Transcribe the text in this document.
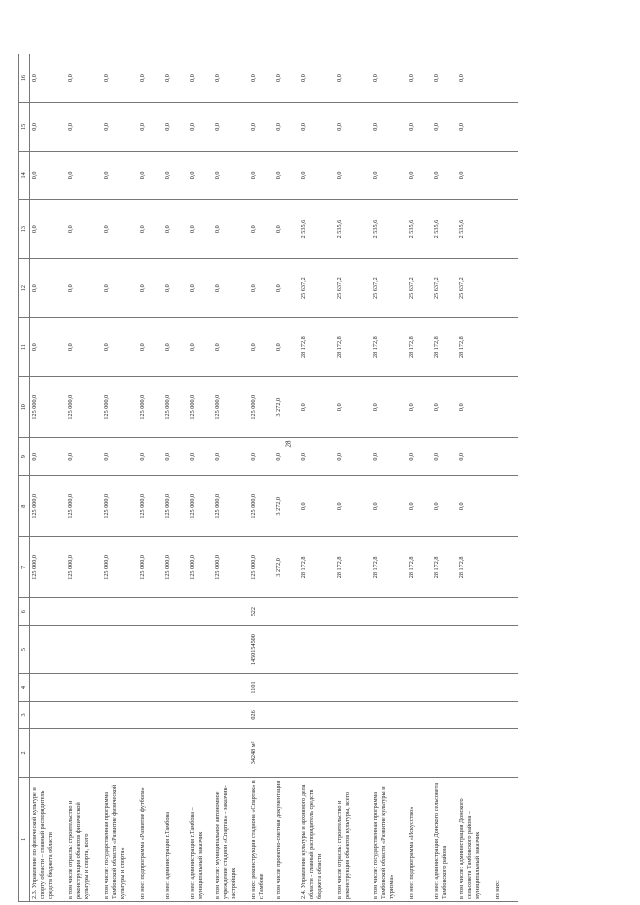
28
1	2	3	4	5	6	7	8	9	10	11	12	13	14	15	16
2.3. Управление по физической культуре и спорту области – главный распорядитель средств бюджета области						125 000,0	125 000,0	0,0	125 000,0	0,0	0,0	0,0	0,0	0,0	0,0
в том числе отрасль: строительство и реконструкция объектов физической культуры и спорта, всего						125 000,0	125 000,0	0,0	125 000,0	0,0	0,0	0,0	0,0	0,0	0,0
в том числе: государственная программа Тамбовской области «Развитие физической культуры и спорта»						125 000,0	125 000,0	0,0	125 000,0	0,0	0,0	0,0	0,0	0,0	0,0
из нее: подпрограмма «Развитие футбола»						125 000,0	125 000,0	0,0	125 000,0	0,0	0,0	0,0	0,0	0,0	0,0
из нее: администрация г.Тамбова						125 000,0	125 000,0	0,0	125 000,0	0,0	0,0	0,0	0,0	0,0	0,0
из нее: администрация г.Тамбова – муниципальный заказчик						125 000,0	125 000,0	0,0	125 000,0	0,0	0,0	0,0	0,0	0,0	0,0
в том числе: муниципальное автономное учреждение стадион «Спартак» - заказчик-застройщик						125 000,0	125 000,0	0,0	125 000,0	0,0	0,0	0,0	0,0	0,0	0,0
из них: реконструкция стадиона «Спартак» в г.Тамбове	34248 м²	026	1101	1450154500	522	125 000,0	125 000,0	0,0	125 000,0	0,0	0,0	0,0	0,0	0,0	0,0
в том числе проектно-сметная документация						3 272,0	3 272,0	0,0	3 272,0	0,0	0,0	0,0	0,0	0,0	0,0
2.4. Управление культуры и архивного дела области - главный распорядитель средств бюджета области						28 172,8	0,0	0,0	0,0	28 172,8	25 637,2	2 535,6	0,0	0,0	0,0
в том числе отрасль: строительство и реконструкция объектов культуры, всего						28 172,8	0,0	0,0	0,0	28 172,8	25 637,2	2 535,6	0,0	0,0	0,0
в том числе: государственная программа Тамбовской области «Развитие культуры и туризма»						28 172,8	0,0	0,0	0,0	28 172,8	25 637,2	2 535,6	0,0	0,0	0,0
из нее: подпрограмма «Искусство»						28 172,8	0,0	0,0	0,0	28 172,8	25 637,2	2 535,6	0,0	0,0	0,0
из нее: администрация Донского сельсовета Тамбовского района						28 172,8	0,0	0,0	0,0	28 172,8	25 637,2	2 535,6	0,0	0,0	0,0
в том числе: администрация Донского сельсовета Тамбовского района – муниципальный заказчик						28 172,8	0,0	0,0	0,0	28 172,8	25 637,2	2 535,6	0,0	0,0	0,0
из них:															
